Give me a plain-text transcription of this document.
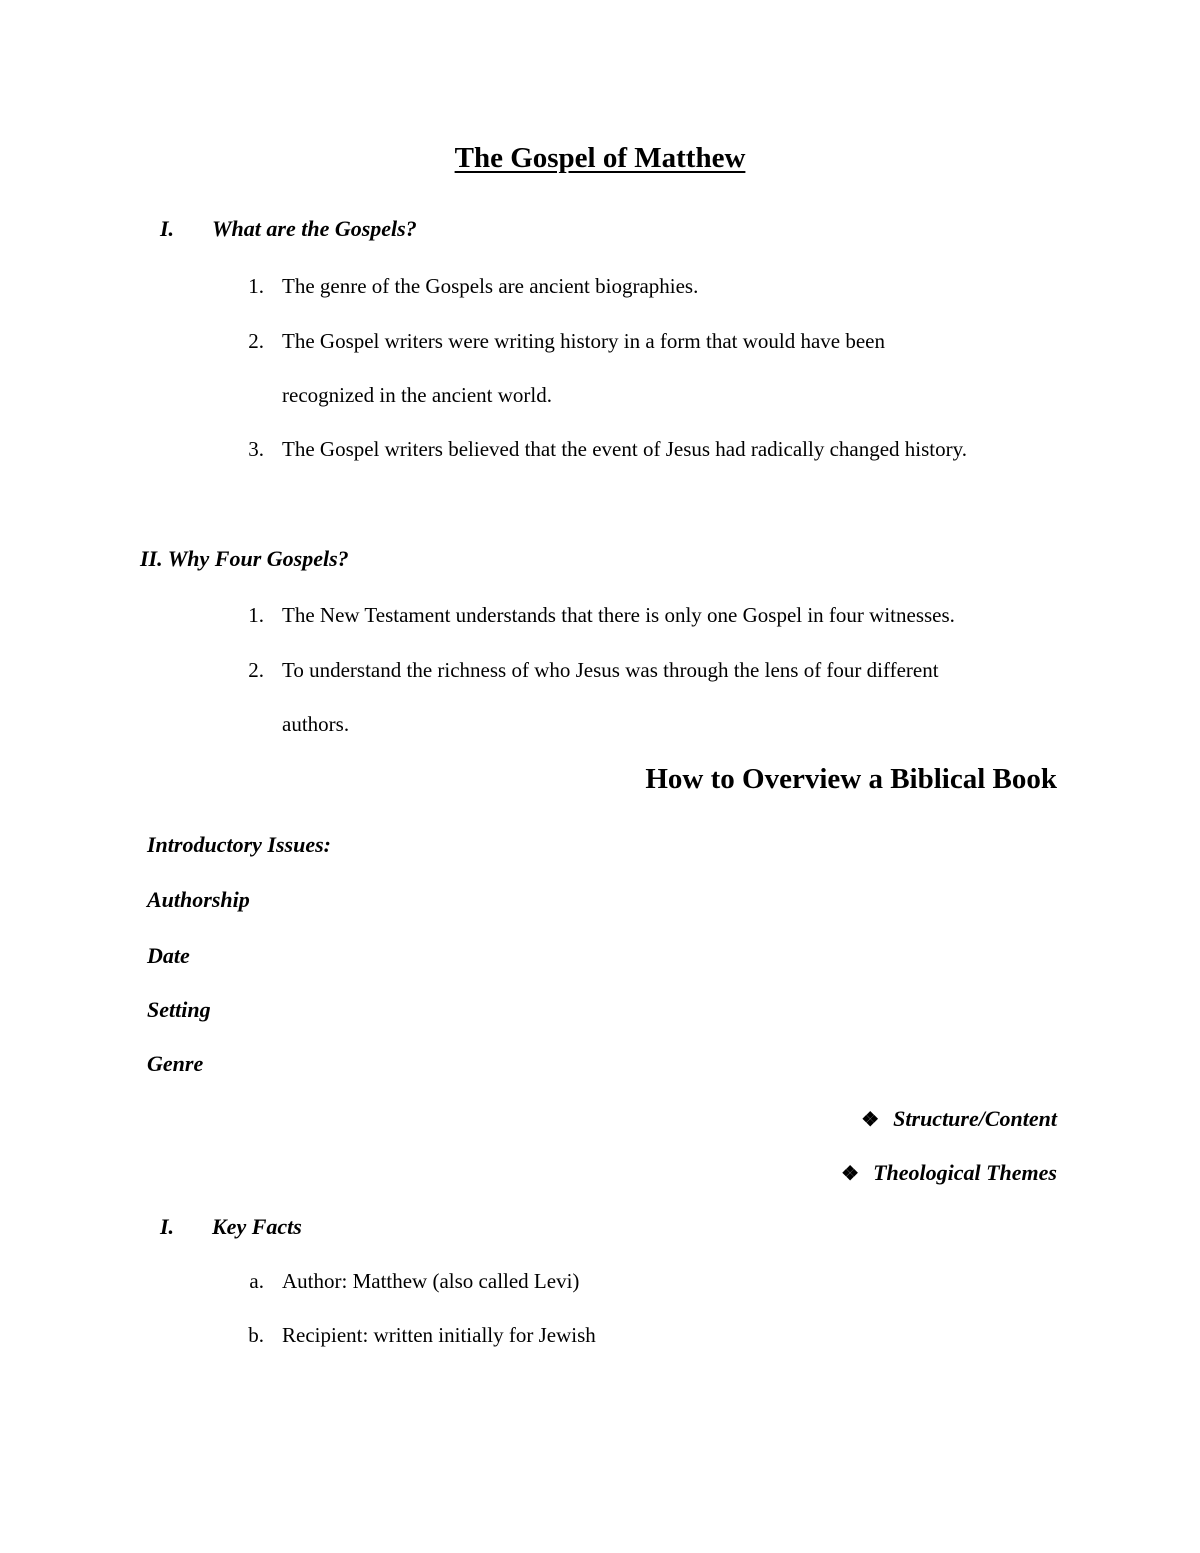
The Gospel of Matthew
I. What are the Gospels?
1. The genre of the Gospels are ancient biographies.
2. The Gospel writers were writing history in a form that would have been
recognized in the ancient world.
3. The Gospel writers believed that the event of Jesus had radically changed history.
II. Why Four Gospels?
1. The New Testament understands that there is only one Gospel in four witnesses.
2. To understand the richness of who Jesus was through the lens of four different
authors.
How to Overview a Biblical Book
Introductory Issues:
Authorship
Date
Setting
Genre
❖ Structure/Content
❖ Theological Themes
I. Key Facts
a. Author: Matthew (also called Levi)
b. Recipient: written initially for Jewish
